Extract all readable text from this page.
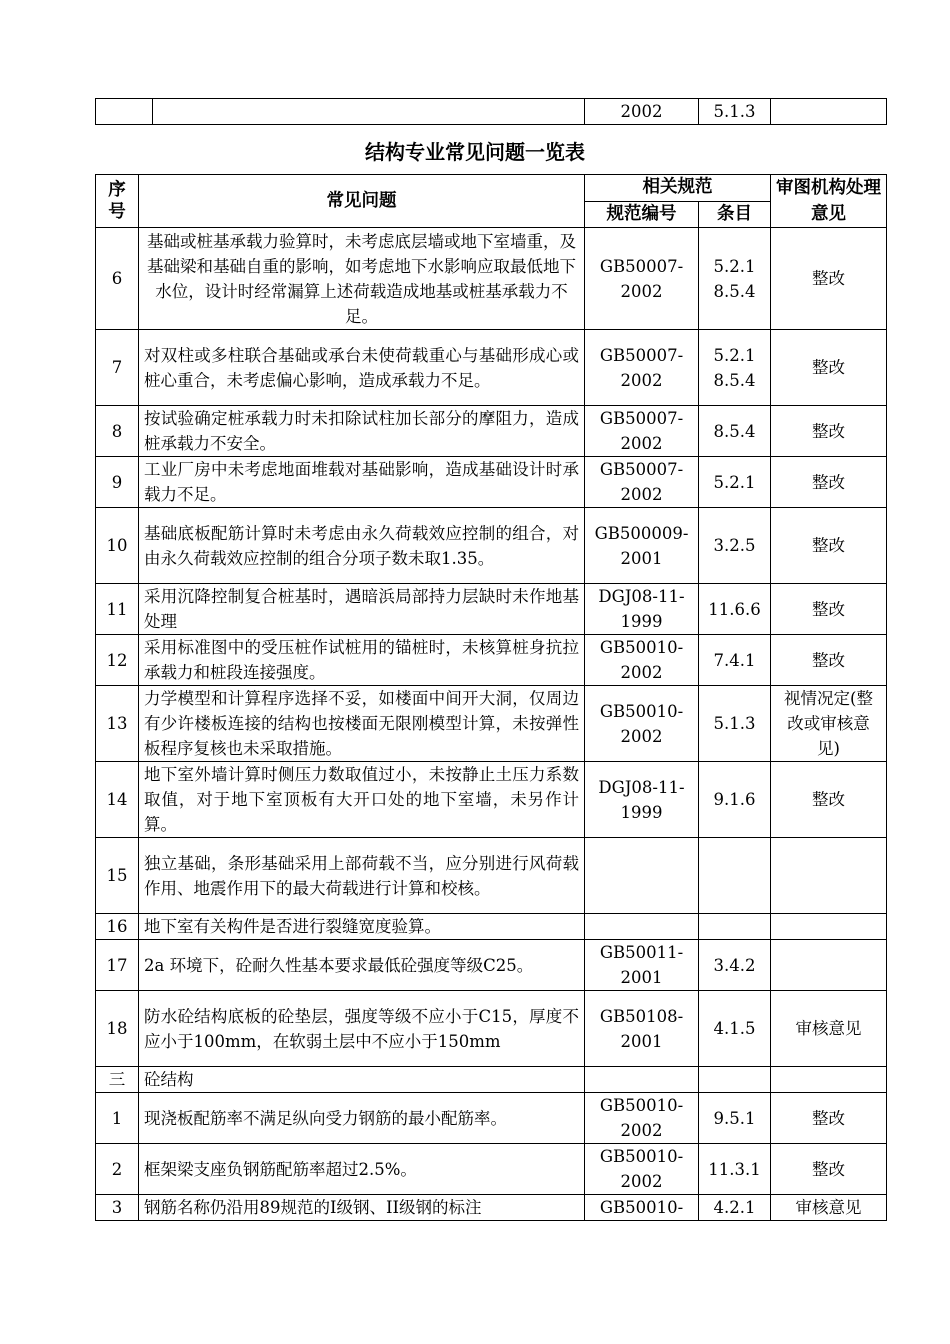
		2002	5.1.3	
结构专业常见问题一览表
序号	常见问题	相关规范		审图机构处理意见
		规范编号	条目	
6	基础或桩基承载力验算时，未考虑底层墙或地下室墙重，及基础梁和基础自重的影响，如考虑地下水影响应取最低地下水位，设计时经常漏算上述荷载造成地基或桩基承载力不足。	GB50007-2002	5.2.1 8.5.4	整改
7	对双柱或多柱联合基础或承台未使荷载重心与基础形成心或桩心重合，未考虑偏心影响，造成承载力不足。	GB50007-2002	5.2.1 8.5.4	整改
8	按试验确定桩承载力时未扣除试柱加长部分的摩阻力，造成桩承载力不安全。	GB50007-2002	8.5.4	整改
9	工业厂房中未考虑地面堆载对基础影响，造成基础设计时承载力不足。	GB50007-2002	5.2.1	整改
10	基础底板配筋计算时未考虑由永久荷载效应控制的组合，对由永久荷载效应控制的组合分项子数未取1.35。	GB500009-2001	3.2.5	整改
11	采用沉降控制复合桩基时，遇暗浜局部持力层缺时未作地基处理	DGJ08-11-1999	11.6.6	整改
12	采用标准图中的受压桩作试桩用的锚桩时，未核算桩身抗拉承载力和桩段连接强度。	GB50010-2002	7.4.1	整改
13	力学模型和计算程序选择不妥，如楼面中间开大洞，仅周边有少许楼板连接的结构也按楼面无限刚模型计算，未按弹性板程序复核也未采取措施。	GB50010-2002	5.1.3	视情况定(整改或审核意见)
14	地下室外墙计算时侧压力数取值过小，未按静止土压力系数取值，对于地下室顶板有大开口处的地下室墙，未另作计算。	DGJ08-11-1999	9.1.6	整改
15	独立基础，条形基础采用上部荷载不当，应分别进行风荷载作用、地震作用下的最大荷载进行计算和校核。			
16	地下室有关构件是否进行裂缝宽度验算。			
17	2a 环境下，砼耐久性基本要求最低砼强度等级C25。	GB50011-2001	3.4.2	
18	防水砼结构底板的砼垫层，强度等级不应小于C15，厚度不应小于100mm，在软弱土层中不应小于150mm	GB50108-2001	4.1.5	审核意见
三	砼结构			
1	现浇板配筋率不满足纵向受力钢筋的最小配筋率。	GB50010-2002	9.5.1	整改
2	框架梁支座负钢筋配筋率超过2.5%。	GB50010-2002	11.3.1	整改
3	钢筋名称仍沿用89规范的I级钢、II级钢的标注	GB50010-	4.2.1	审核意见
